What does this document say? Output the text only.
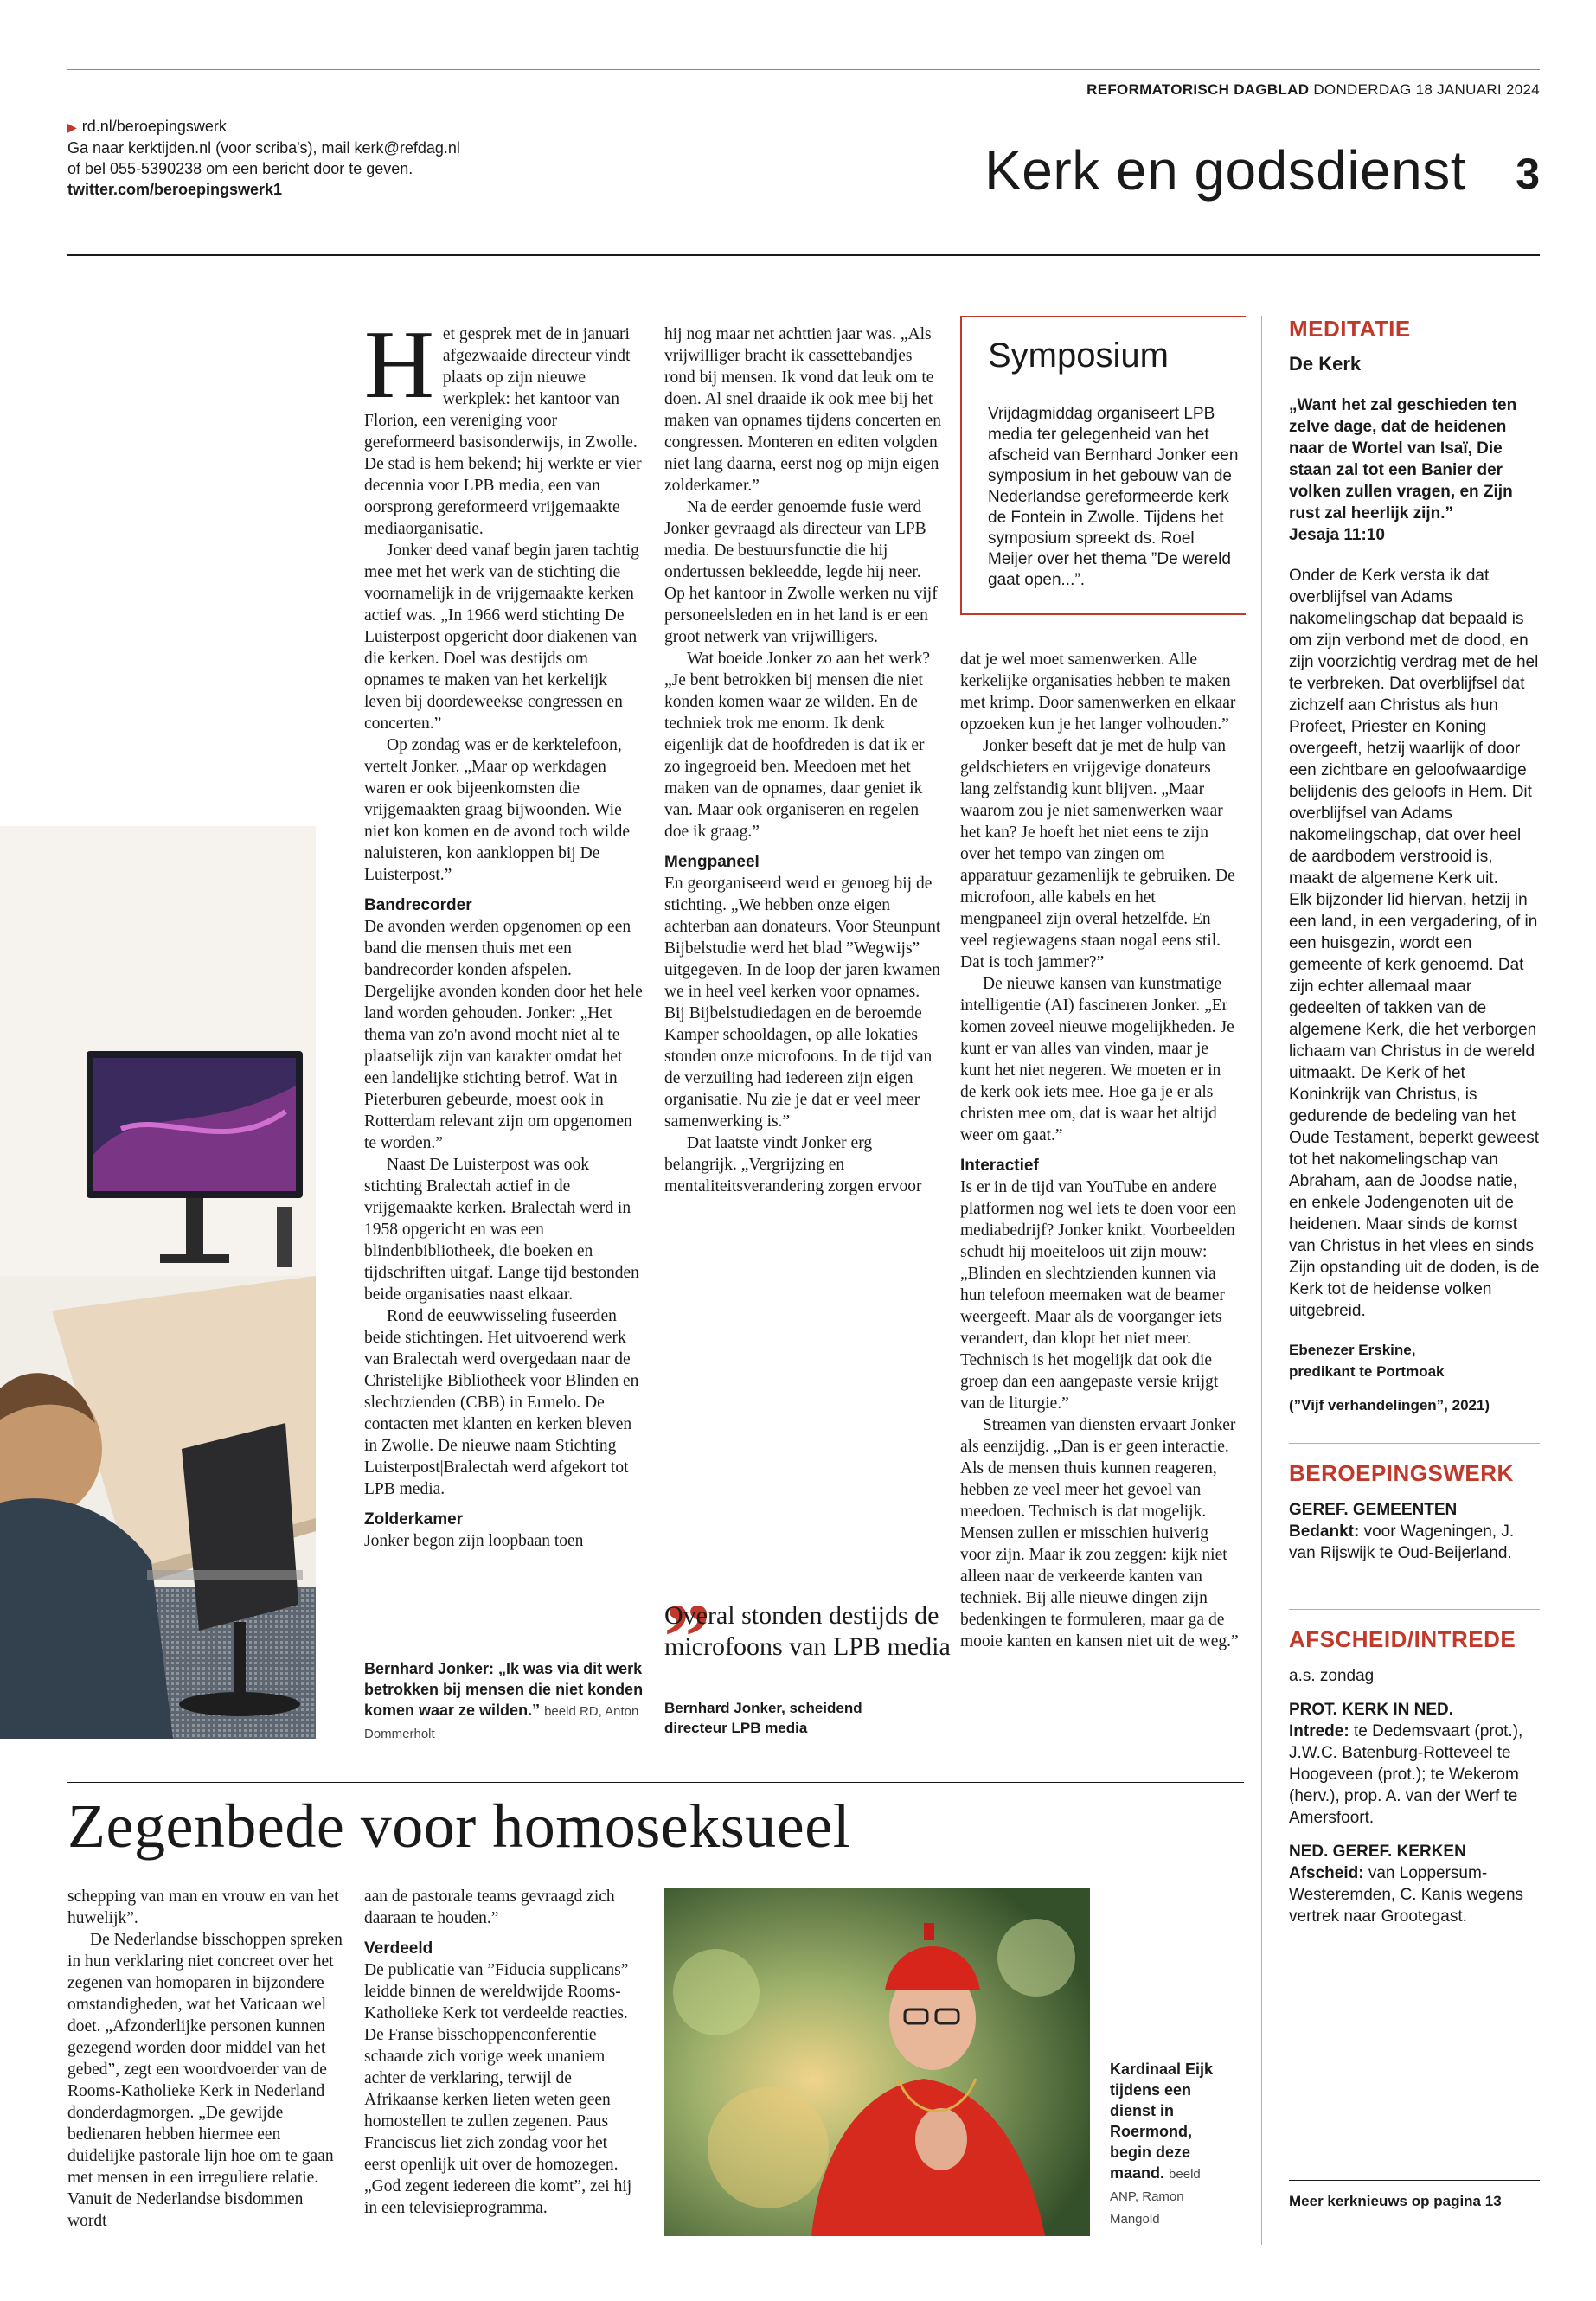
REFORMATORISCH DAGBLAD DONDERDAG 18 JANUARI 2024
▶ rd.nl/beroepingswerk
Ga naar kerktijden.nl (voor scriba's), mail kerk@refdag.nl
of bel 055-5390238 om een bericht door te geven.
twitter.com/beroepingswerk1	Kerk en godsdienst 3
H et gesprek met de in januari afgezwaaide directeur vindt plaats op zijn nieuwe werkplek: het kantoor van Florion, een vereniging voor gereformeerd basisonderwijs, in Zwolle. De stad is hem bekend; hij werkte er vier decennia voor LPB media, een van oorsprong gereformeerd vrijgemaakte mediaorganisatie.

Jonker deed vanaf begin jaren tachtig mee met het werk van de stichting die voornamelijk in de vrijgemaakte kerken actief was. „In 1966 werd stichting De Luisterpost opgericht door diakenen van die kerken. Doel was destijds om opnames te maken van het kerkelijk leven bij doordeweekse congressen en concerten.”

Op zondag was er de kerktelefoon, vertelt Jonker. „Maar op werkdagen waren er ook bijeenkomsten die vrijgemaakten graag bijwoonden. Wie niet kon komen en de avond toch wilde naluisteren, kon aankloppen bij De Luisterpost.”

Bandrecorder

De avonden werden opgenomen op een band die mensen thuis met een bandrecorder konden afspelen. Dergelijke avonden konden door het hele land worden gehouden. Jonker: „Het thema van zo'n avond mocht niet al te plaatselijk zijn van karakter omdat het een landelijke stichting betrof. Wat in Pieterburen gebeurde, moest ook in Rotterdam relevant zijn om opgenomen te worden.”

Naast De Luisterpost was ook stichting Bralectah actief in de vrijgemaakte kerken. Bralectah werd in 1958 opgericht en was een blindenbibliotheek, die boeken en tijdschriften uitgaf. Lange tijd bestonden beide organisaties naast elkaar.

Rond de eeuwwisseling fuseerden beide stichtingen. Het uitvoerend werk van Bralectah werd overgedaan naar de Christelijke Bibliotheek voor Blinden en slechtzienden (CBB) in Ermelo. De contacten met klanten en kerken bleven in Zwolle. De nieuwe naam Stichting Luisterpost|Bralectah werd afgekort tot LPB media.

Zolderkamer

Jonker begon zijn loopbaan toen

Bernhard Jonker: „Ik was via dit werk betrokken bij mensen die niet konden komen waar ze wilden.” beeld RD, Anton Dommerholt

hij nog maar net achttien jaar was. „Als vrijwilliger bracht ik cassettebandjes rond bij mensen. Ik vond dat leuk om te doen. Al snel draaide ik ook mee bij het maken van opnames tijdens concerten en congressen. Monteren en editen volgden niet lang daarna, eerst nog op mijn eigen zolderkamer.”

Na de eerder genoemde fusie werd Jonker gevraagd als directeur van LPB media. De bestuursfunctie die hij ondertussen bekleedde, legde hij neer. Op het kantoor in Zwolle werken nu vijf personeelsleden en in het land is er een groot netwerk van vrijwilligers.

Wat boeide Jonker zo aan het werk? „Je bent betrokken bij mensen die niet konden komen waar ze wilden. En de techniek trok me enorm. Ik denk eigenlijk dat de hoofdreden is dat ik er zo ingegroeid ben. Meedoen met het maken van de opnames, daar geniet ik van. Maar ook organiseren en regelen doe ik graag.”

Mengpaneel

En georganiseerd werd er genoeg bij de stichting. „We hebben onze eigen achterban aan donateurs. Voor Steunpunt Bijbelstudie werd het blad ”Wegwijs” uitgegeven. In de loop der jaren kwamen we in heel veel kerken voor opnames. Bij Bijbelstudiedagen en de beroemde Kamper schooldagen, op alle lokaties stonden onze microfoons. In de tijd van de verzuiling had iedereen zijn eigen organisatie. Nu zie je dat er veel meer samenwerking is.”

Dat laatste vindt Jonker erg belangrijk. „Vergrijzing en mentaliteitsverandering zorgen ervoor

„
Overal stonden destijds de microfoons van LPB media
Bernhard Jonker, scheidend directeur LPB media
Symposium
Vrijdagmiddag organiseert LPB media ter gelegenheid van het afscheid van Bernhard Jonker een symposium in het gebouw van de Nederlandse gereformeerde kerk de Fontein in Zwolle. Tijdens het symposium spreekt ds. Roel Meijer over het thema ”De wereld gaat open...”.

dat je wel moet samenwerken. Alle kerkelijke organisaties hebben te maken met krimp. Door samenwerken en elkaar opzoeken kun je het langer volhouden.”

Jonker beseft dat je met de hulp van geldschieters en vrijgevige donateurs lang zelfstandig kunt blijven. „Maar waarom zou je niet samenwerken waar het kan? Je hoeft het niet eens te zijn over het tempo van zingen om apparatuur gezamenlijk te gebruiken. De microfoon, alle kabels en het mengpaneel zijn overal hetzelfde. En veel regiewagens staan nogal eens stil. Dat is toch jammer?”

De nieuwe kansen van kunstmatige intelligentie (AI) fascineren Jonker. „Er komen zoveel nieuwe mogelijkheden. Je kunt er van alles van vinden, maar je kunt het niet negeren. We moeten er in de kerk ook iets mee. Hoe ga je er als christen mee om, dat is waar het altijd weer om gaat.”

Interactief

Is er in de tijd van YouTube en andere platformen nog wel iets te doen voor een mediabedrijf? Jonker knikt. Voorbeelden schudt hij moeiteloos uit zijn mouw: „Blinden en slechtzienden kunnen via hun telefoon meemaken wat de beamer weergeeft. Maar als de voorganger iets verandert, dan klopt het niet meer. Technisch is het mogelijk dat ook die groep dan een aangepaste versie krijgt van de liturgie.”

Streamen van diensten ervaart Jonker als eenzijdig. „Dan is er geen interactie. Als de mensen thuis kunnen reageren, hebben ze veel meer het gevoel van meedoen. Technisch is dat mogelijk. Mensen zullen er misschien huiverig voor zijn. Maar ik zou zeggen: kijk niet alleen naar de verkeerde kanten van techniek. Bij alle nieuwe dingen zijn bedenkingen te formuleren, maar ga de mooie kanten en kansen niet uit de weg.”

MEDITATIE
De Kerk
„Want het zal geschieden ten zelve dage, dat de heidenen naar de Wortel van Isaï, Die staan zal tot een Banier der volken zullen vragen, en Zijn rust zal heerlijk zijn.”
Jesaja 11:10
Onder de Kerk versta ik dat overblijfsel van Adams nakomelingschap dat bepaald is om zijn verbond met de dood, en zijn voorzichtig verdrag met de hel te verbreken. Dat overblijfsel dat zichzelf aan Christus als hun Profeet, Priester en Koning overgeeft, hetzij waarlijk of door een zichtbare en geloofwaardige belijdenis des geloofs in Hem. Dit overblijfsel van Adams nakomelingschap, dat over heel de aardbodem verstrooid is, maakt de algemene Kerk uit.
Elk bijzonder lid hiervan, hetzij in een land, in een vergadering, of in een huisgezin, wordt een gemeente of kerk genoemd. Dat zijn echter allemaal maar gedeelten of takken van de algemene Kerk, die het verborgen lichaam van Christus in de wereld uitmaakt. De Kerk of het Koninkrijk van Christus, is gedurende de bedeling van het Oude Testament, beperkt geweest tot het nakomelingschap van Abraham, aan de Joodse natie, en enkele Jodengenoten uit de heidenen. Maar sinds de komst van Christus in het vlees en sinds Zijn opstanding uit de doden, is de Kerk tot de heidense volken uitgebreid.
Ebenezer Erskine,
predikant te Portmoak
(”Vijf verhandelingen”, 2021)
BEROEPINGSWERK
GEREF. GEMEENTEN
Bedankt: voor Wageningen, J. van Rijswijk te Oud-Beijerland.
AFSCHEID/INTREDE
a.s. zondag
PROT. KERK IN NED.
Intrede: te Dedemsvaart (prot.), J.W.C. Batenburg-Rotteveel te Hoogeveen (prot.); te Wekerom (herv.), prop. A. van der Werf te Amersfoort.
NED. GEREF. KERKEN
Afscheid: van Loppersum-Westeremden, C. Kanis wegens vertrek naar Grootegast.
Meer kerknieuws op pagina 13
Zegenbede voor homoseksueel

schepping van man en vrouw en van het huwelijk”.

De Nederlandse bisschoppen spreken in hun verklaring niet concreet over het zegenen van homoparen in bijzondere omstandigheden, wat het Vaticaan wel doet. „Afzonderlijke personen kunnen gezegend worden door middel van het gebed”, zegt een woordvoerder van de Rooms-Katholieke Kerk in Nederland donderdagmorgen. „De gewijde bedienaren hebben hiermee een duidelijke pastorale lijn hoe om te gaan met mensen in een irreguliere relatie. Vanuit de Nederlandse bisdommen wordt

aan de pastorale teams gevraagd zich daaraan te houden.”

Verdeeld

De publicatie van ”Fiducia supplicans” leidde binnen de wereldwijde Rooms-Katholieke Kerk tot verdeelde reacties. De Franse bisschoppenconferentie schaarde zich vorige week unaniem achter de verklaring, terwijl de Afrikaanse kerken lieten weten geen homostellen te zullen zegenen. Paus Franciscus liet zich zondag voor het eerst openlijk uit over de homozegen. „God zegent iedereen die komt”, zei hij in een televisieprogramma.

Kardinaal Eijk tijdens een dienst in Roermond, begin deze maand. beeld ANP, Ramon Mangold
